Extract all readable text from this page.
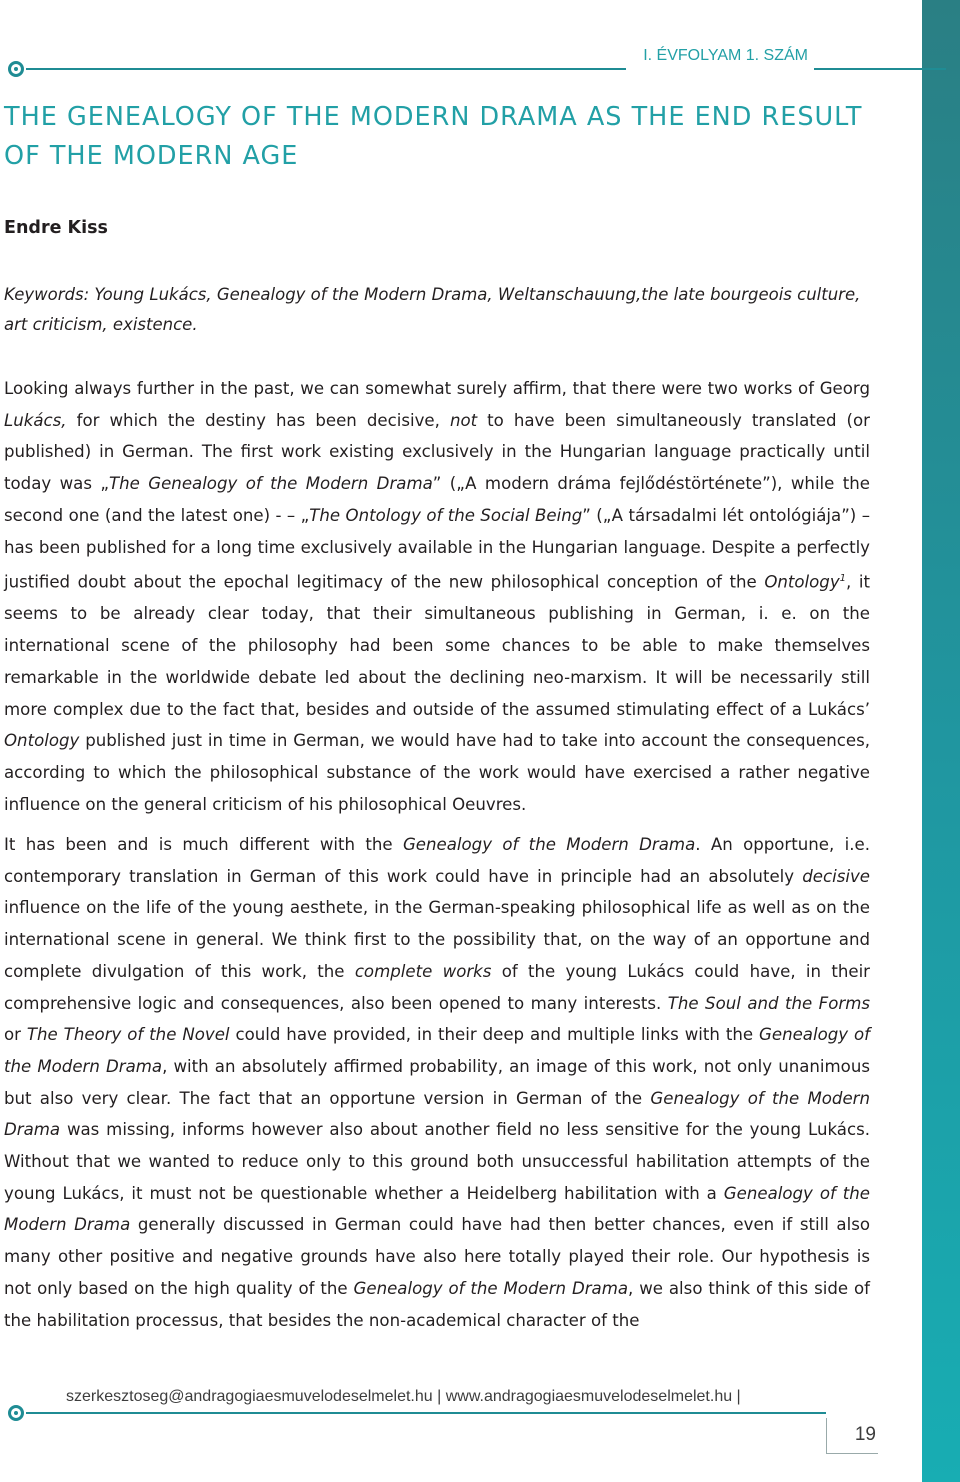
I. ÉVFOLYAM 1. SZÁM
THE GENEALOGY OF THE MODERN DRAMA AS THE END RESULT OF THE MODERN AGE

Endre Kiss

Keywords: Young Lukács, Genealogy of the Modern Drama, Weltanschauung,the late bourgeois culture, art criticism, existence.

Looking always further in the past, we can somewhat surely affirm, that there were two works of Georg Lukács, for which the destiny has been decisive, not to have been simultaneously translated (or published) in German. The first work existing exclusively in the Hungarian language practically until today was „The Genealogy of the Modern Drama” („A modern dráma fejlődéstörténete”), while the second one (and the latest one) - – „The Ontology of the Social Being” („A társadalmi lét ontológiája”) – has been published for a long time exclusively available in the Hungarian language. Despite a perfectly justified doubt about the epochal legitimacy of the new philosophical conception of the Ontology$^1$, it seems to be already clear today, that their simultaneous publishing in German, i. e. on the international scene of the philosophy had been some chances to be able to make themselves remarkable in the worldwide debate led about the declining neo-marxism. It will be necessarily still more complex due to the fact that, besides and outside of the assumed stimulating effect of a Lukács’ Ontology published just in time in German, we would have had to take into account the consequences, according to which the philosophical substance of the work would have exercised a rather negative influence on the general criticism of his philosophical Oeuvres.

It has been and is much different with the Genealogy of the Modern Drama. An opportune, i.e. contemporary translation in German of this work could have in principle had an absolutely decisive influence on the life of the young aesthete, in the German-speaking philosophical life as well as on the international scene in general. We think first to the possibility that, on the way of an opportune and complete divulgation of this work, the complete works of the young Lukács could have, in their comprehensive logic and consequences, also been opened to many interests. The Soul and the Forms or The Theory of the Novel could have provided, in their deep and multiple links with the Genealogy of the Modern Drama, with an absolutely affirmed probability, an image of this work, not only unanimous but also very clear. The fact that an opportune version in German of the Genealogy of the Modern Drama was missing, informs however also about another field no less sensitive for the young Lukács. Without that we wanted to reduce only to this ground both unsuccessful habilitation attempts of the young Lukács, it must not be questionable whether a Heidelberg habilitation with a Genealogy of the Modern Drama generally discussed in German could have had then better chances, even if still also many other positive and negative grounds have also here totally played their role. Our hypothesis is not only based on the high quality of the Genealogy of the Modern Drama, we also think of this side of the habilitation processus, that besides the non-academical character of the

szerkesztoseg@andragogiaesmuvelodeselmelet.hu | www.andragogiaesmuvelodeselmelet.hu |
19
